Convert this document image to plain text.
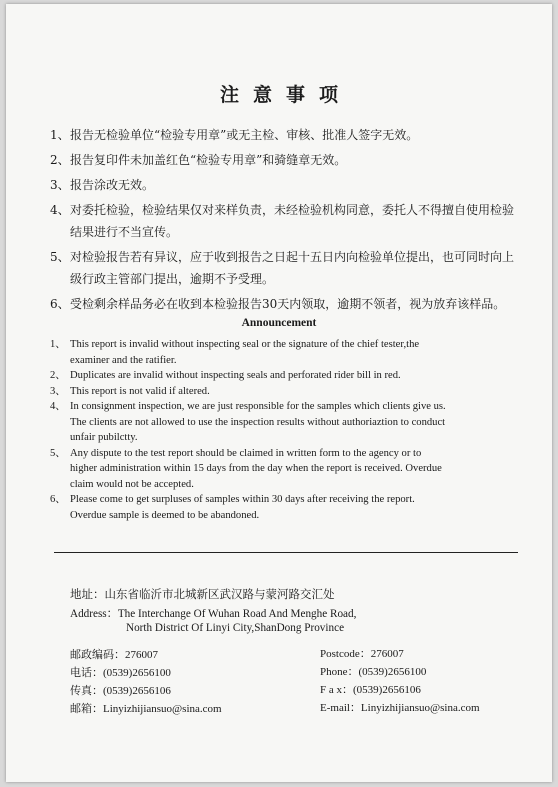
注意事项
1、 报告无检验单位“检验专用章”或无主检、审核、批准人签字无效。
2、 报告复印件未加盖红色“检验专用章”和骑缝章无效。
3、 报告涂改无效。
4、 对委托检验，检验结果仅对来样负责，未经检验机构同意，委托人不得擅自使用检验结果进行不当宣传。
5、 对检验报告若有异议，应于收到报告之日起十五日内向检验单位提出，也可同时向上级行政主管部门提出，逾期不予受理。
6、 受检剩余样品务必在收到本检验报告30天内领取，逾期不领者，视为放弃该样品。
Announcement
1、 This report is invalid without inspecting seal or the signature of the chief tester,the
examiner and the ratifier.
2、 Duplicates are invalid without inspecting seals and perforated rider bill in red.
3、 This report is not valid if altered.
4、 In consignment inspection, we are just responsible for the samples which clients give us.
The clients are not allowed to use the inspection results without authoriaztion to conduct
unfair pubilctty.
5、 Any dispute to the test report should be claimed in written form to the agency or to
higher administration within 15 days from the day when the report is received. Overdue
claim would not be accepted.
6、 Please come to get surpluses of samples within 30 days after receiving the report.
Overdue sample is deemed to be abandoned.
地址：山东省临沂市北城新区武汉路与蒙河路交汇处
Address：The Interchange Of Wuhan Road And Menghe Road,
North District Of Linyi City,ShanDong Province
邮政编码：276007	Postcode：276007
电话：(0539)2656100	Phone：(0539)2656100
传真：(0539)2656106	F a x：(0539)2656106
邮箱：Linyizhijiansuo@sina.com	E-mail：Linyizhijiansuo@sina.com
